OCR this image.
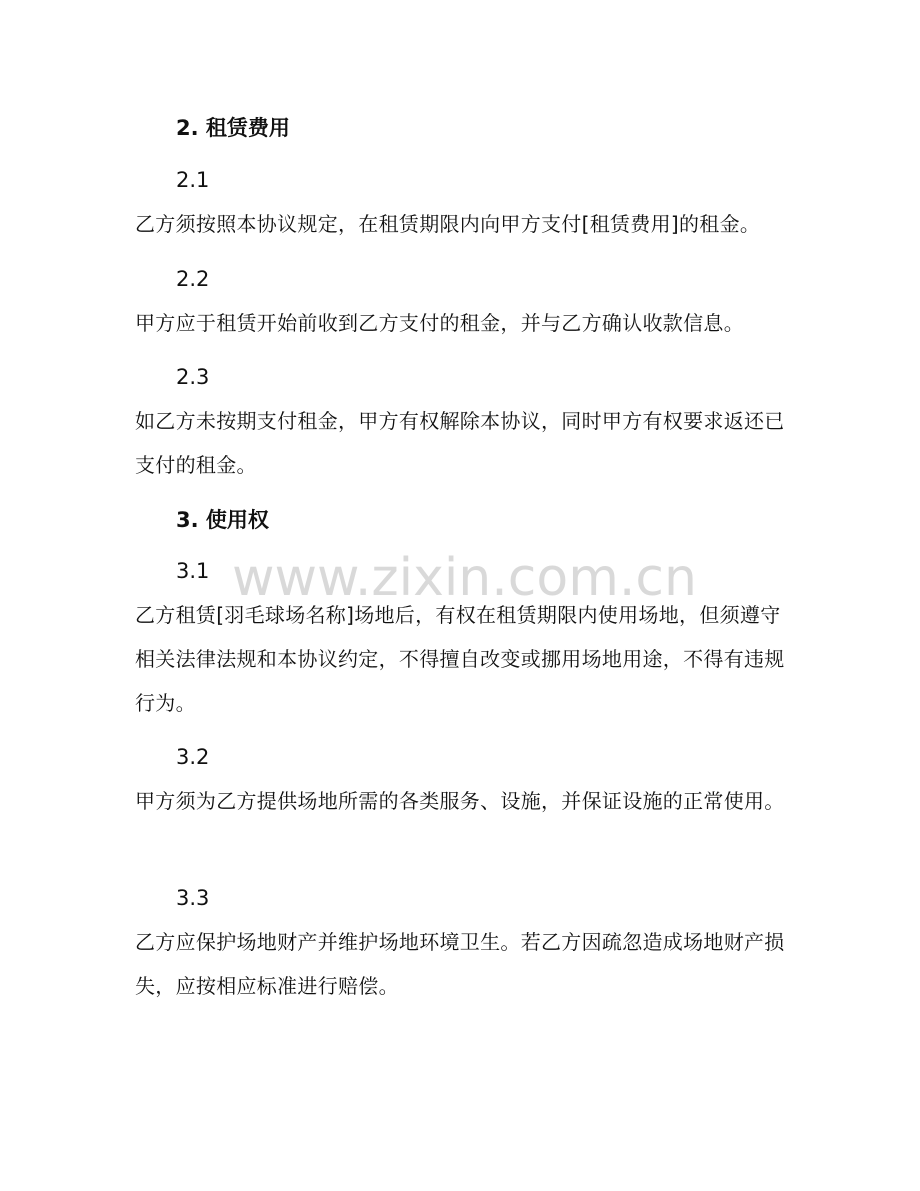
2. 租赁费用
2.1
乙方须按照本协议规定，在租赁期限内向甲方支付[租赁费用]的租金。
2.2
甲方应于租赁开始前收到乙方支付的租金，并与乙方确认收款信息。
2.3
如乙方未按期支付租金，甲方有权解除本协议，同时甲方有权要求返还已支付的租金。
3. 使用权
3.1
乙方租赁[羽毛球场名称]场地后，有权在租赁期限内使用场地，但须遵守相关法律法规和本协议约定，不得擅自改变或挪用场地用途，不得有违规行为。
3.2
甲方须为乙方提供场地所需的各类服务、设施，并保证设施的正常使用。
3.3
乙方应保护场地财产并维护场地环境卫生。若乙方因疏忽造成场地财产损失，应按相应标准进行赔偿。
www.zixin.com.cn
